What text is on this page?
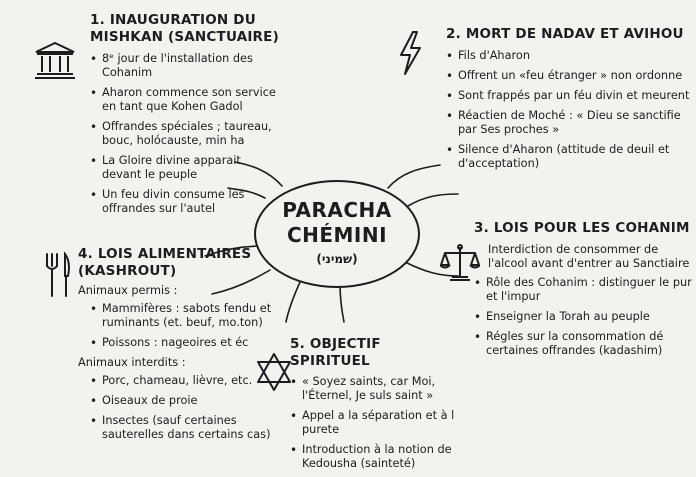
PARACHA
CHÉMINI
(שמיני)
1. INAUGURATION DU
MISHKAN (SANCTUAIRE)
• 8ᵉ jour de l'installation des Cohanim
• Aharon commence son service en tant que Kohen Gadol
• Offrandes spéciales ; taureau, bouc, holócauste, min ha
• La Gloire divine apparait devant le peuple
• Un feu divin consume les offrandes sur l'autel
2. MORT DE NADAV ET AVIHOU
• Fils d'Aharon
• Offrent un «feu étranger » non ordonne
• Sont frappés par un féu divin et meurent
• Réactien de Moché : « Dieu se sanctifie par Ses proches »
• Silence d'Aharon (attitude de deuil et d'acceptation)
3. LOIS POUR LES COHANIM
Interdiction de consommer de l'alcool avant d'entrer au Sanctiaire
• Rôle des Cohanim : distinguer le pur et l'impur
• Enseigner la Torah au peuple
• Régles sur la consommation dé certaines offrandes (kadashim)
4. LOIS ALIMENTAIRES
(KASHROUT)
Animaux permis :
• Mammifères : sabots fendu et ruminants (et. beuf, mo.ton)
• Poissons : nageoires et éc
Animaux interdits :
• Porc, chameau, lièvre, etc.
• Oiseaux de proie
• Insectes (sauf certaines sauterelles dans certains cas)
5. OBJECTIF SPIRITUEL
• « Soyez saints, car Moi, l'Éternel, Je suls saint »
• Appel a la séparation et à l purete
• Introduction à la notion de Kedousha (sainteté)
